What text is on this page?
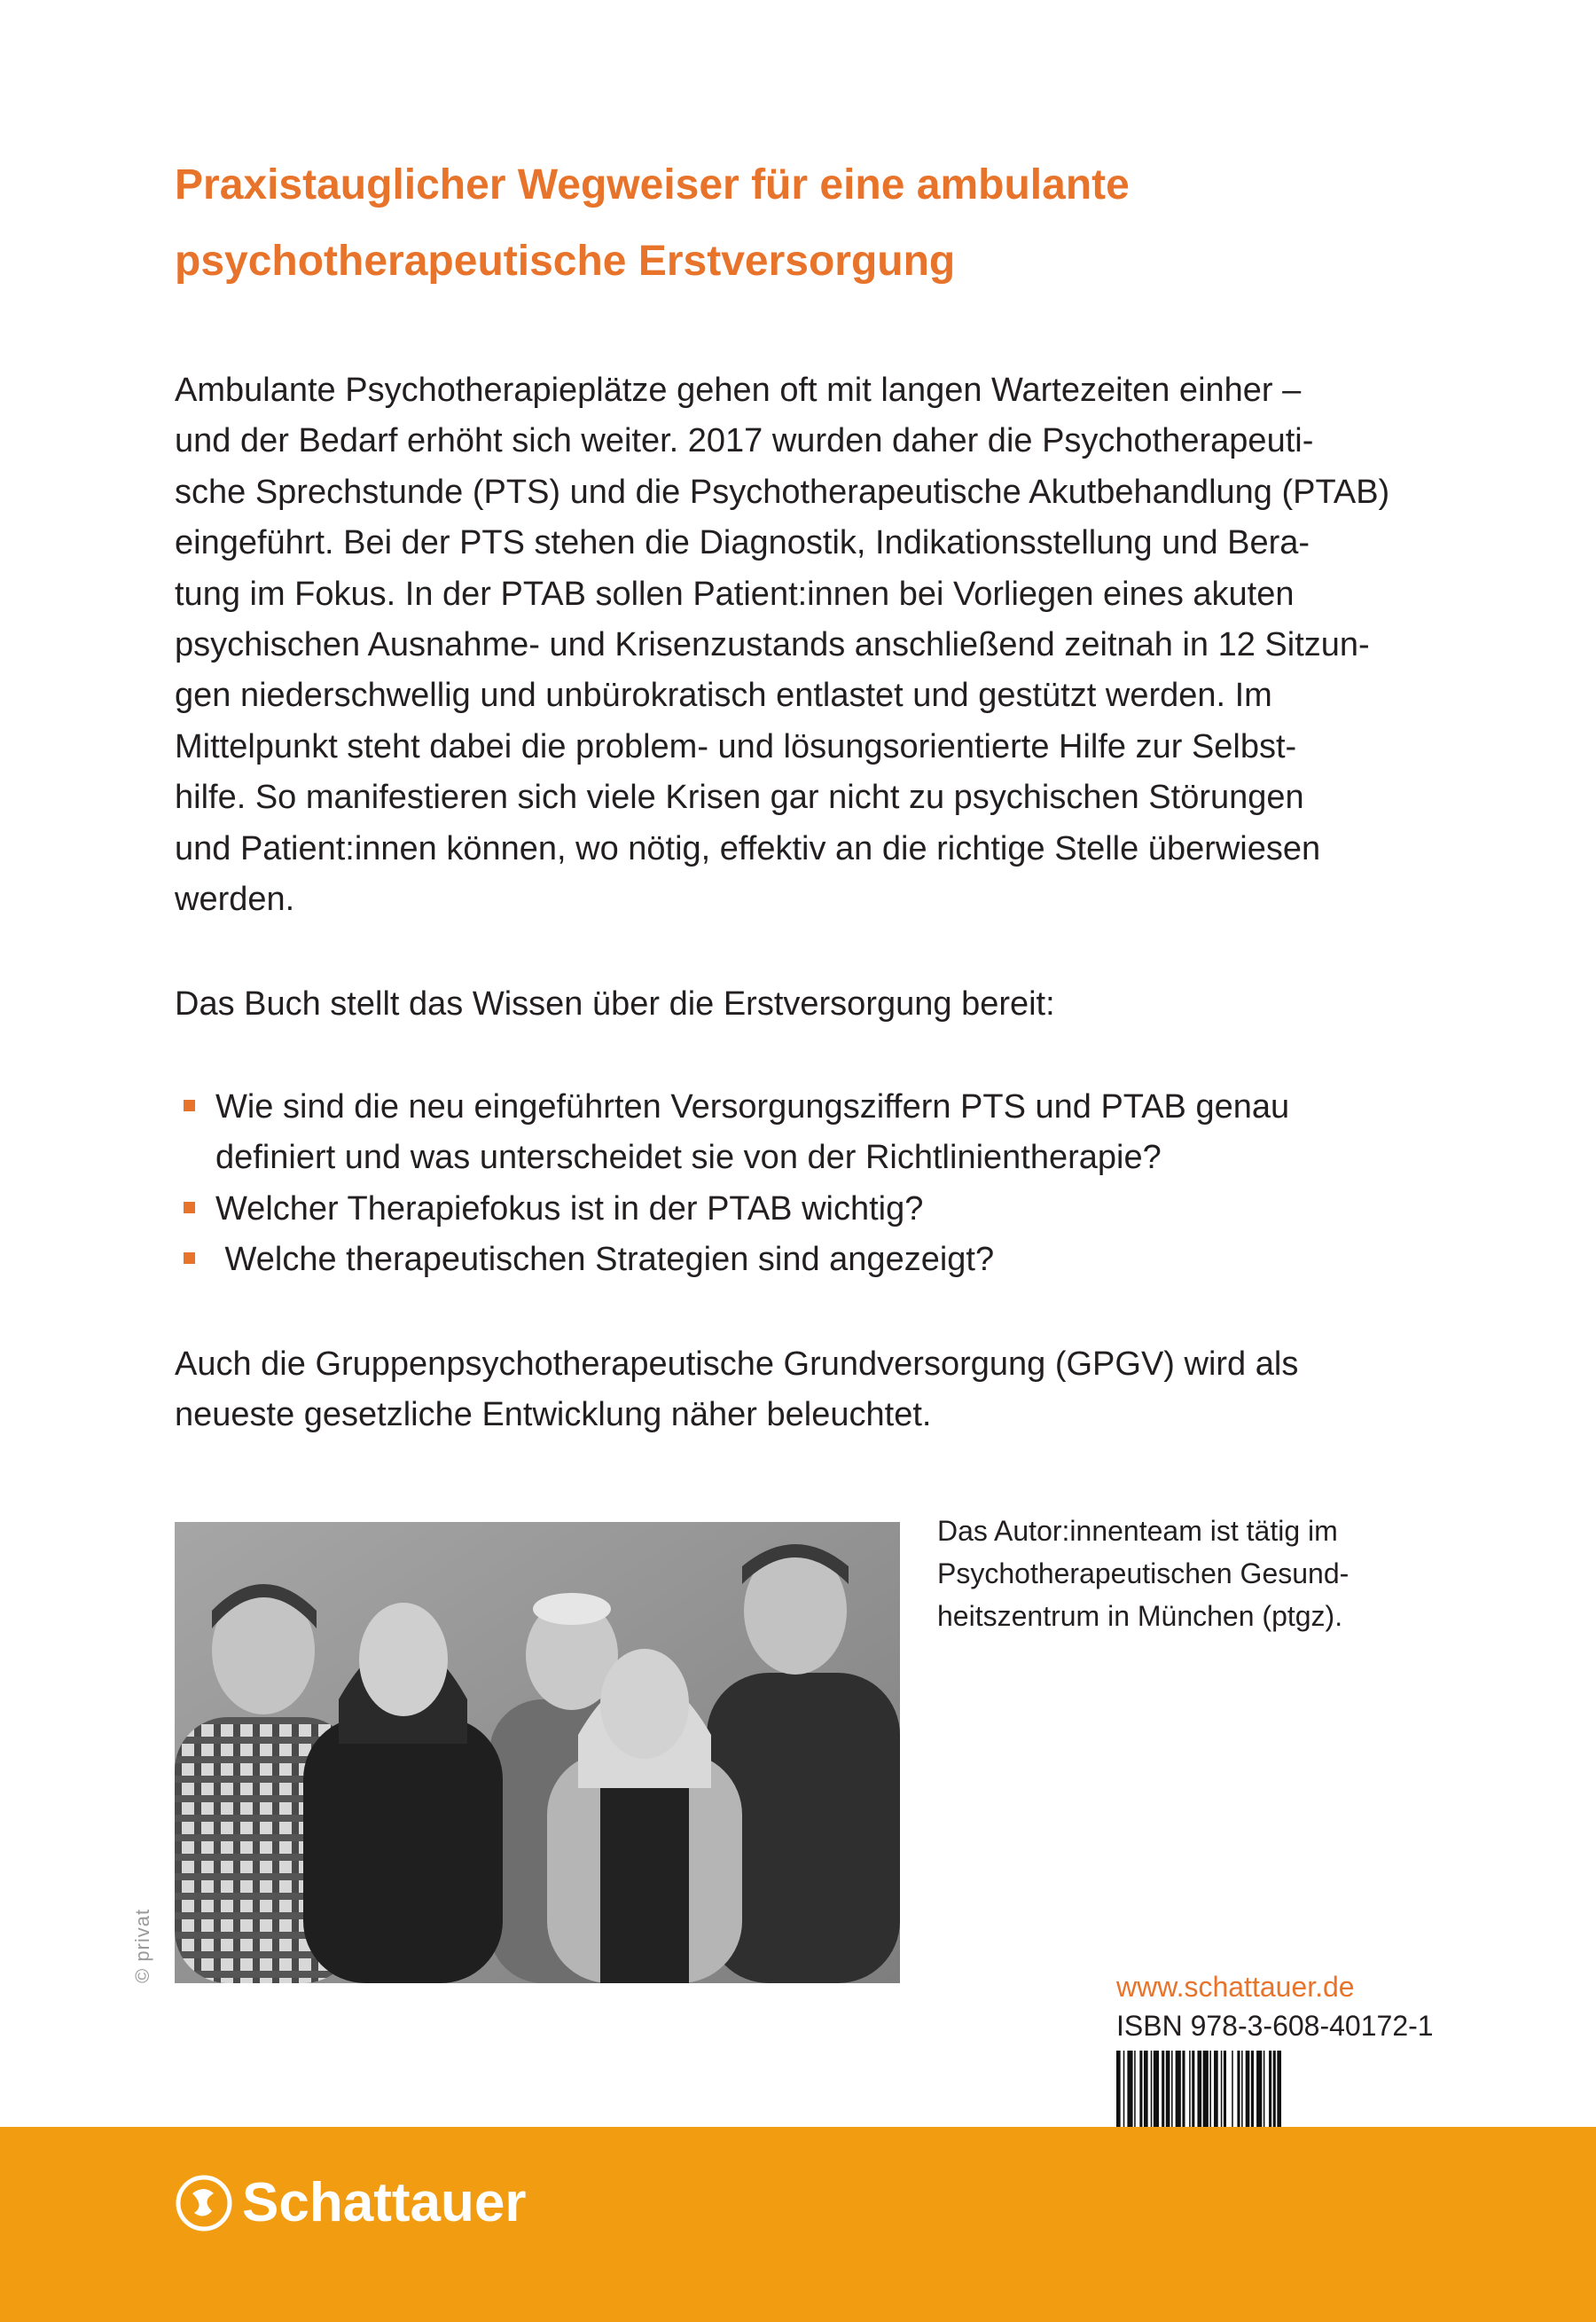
Praxistauglicher Wegweiser für eine ambulante
psychotherapeutische Erstversorgung

Ambulante Psychotherapieplätze gehen oft mit langen Wartezeiten einher –
und der Bedarf erhöht sich weiter. 2017 wurden daher die Psychotherapeuti-
sche Sprechstunde (PTS) und die Psychotherapeutische Akutbehandlung (PTAB)
eingeführt. Bei der PTS stehen die Diagnostik, Indikationsstellung und Bera-
tung im Fokus. In der PTAB sollen Patient:innen bei Vorliegen eines akuten
psychischen Ausnahme- und Krisenzustands anschließend zeitnah in 12 Sitzun-
gen niederschwellig und unbürokratisch entlastet und gestützt werden. Im
Mittelpunkt steht dabei die problem- und lösungsorientierte Hilfe zur Selbst-
hilfe. So manifestieren sich viele Krisen gar nicht zu psychischen Störungen
und Patient:innen können, wo nötig, effektiv an die richtige Stelle überwiesen
werden.

Das Buch stellt das Wissen über die Erstversorgung bereit:

Wie sind die neu eingeführten Versorgungsziffern PTS und PTAB genau
definiert und was unterscheidet sie von der Richtlinientherapie?
Welcher Therapiefokus ist in der PTAB wichtig?
Welche therapeutischen Strategien sind angezeigt?

Auch die Gruppenpsychotherapeutische Grundversorgung (GPGV) wird als
neueste gesetzliche Entwicklung näher beleuchtet.

© privat

Das Autor:innenteam ist tätig im
Psychotherapeutischen Gesund-
heitszentrum in München (ptgz).

www.schattauer.de
ISBN 978-3-608-40172-1
Schattauer
